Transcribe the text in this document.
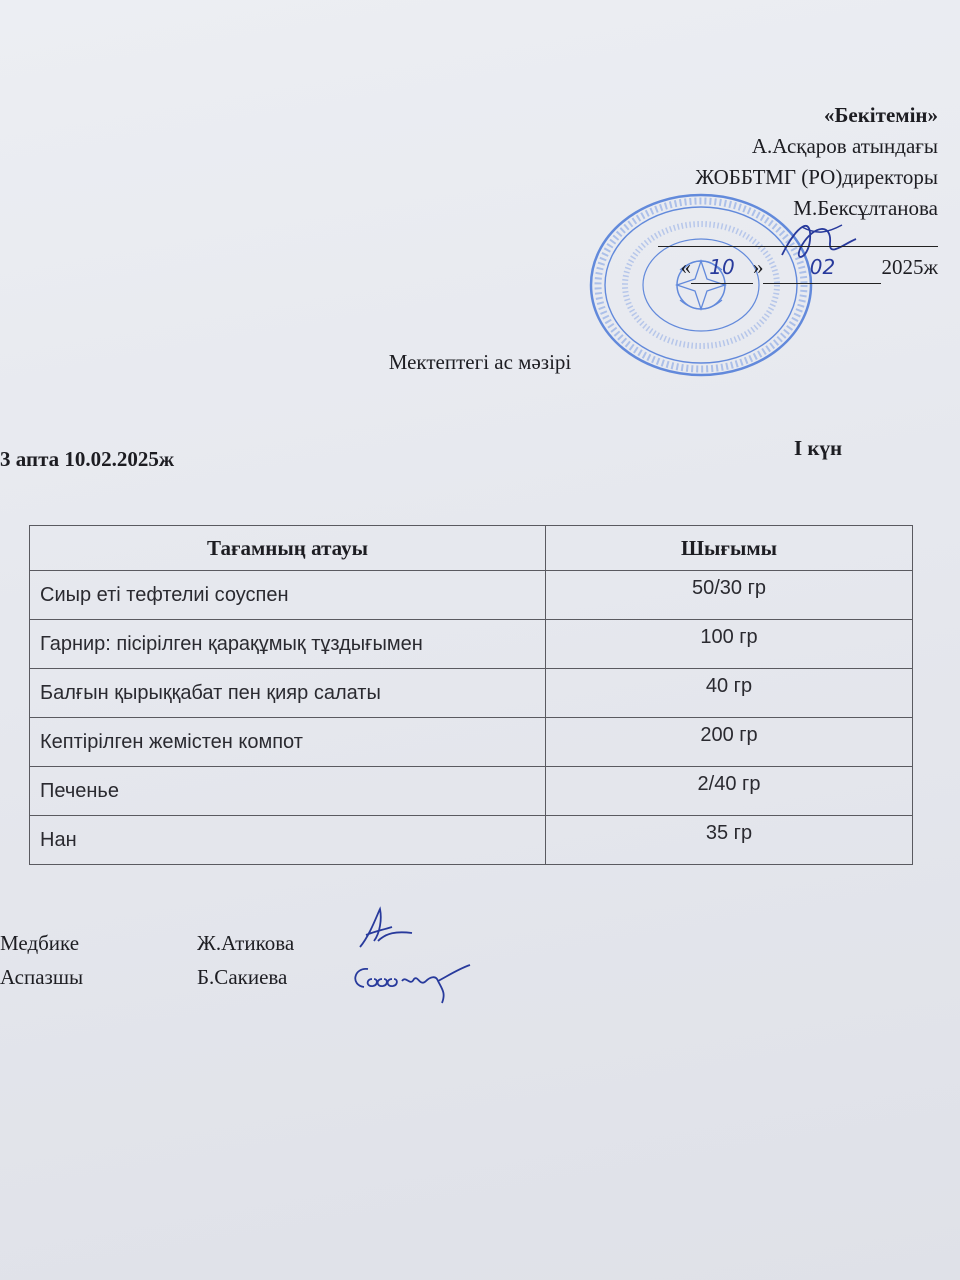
«Бекітемін»
А.Асқаров атындағы
ЖОББТМГ (РО)директоры
М.Бексұлтанова
« 10 » 02 2025ж
Мектептегі ас мәзірі
3 апта 10.02.2025ж	І күн
Тағамның атауы	Шығымы
Сиыр еті тефтелиі соуспен	50/30 гр
Гарнир: пісірілген қарақұмық тұздығымен	100 гр
Балғын қырыққабат пен қияр салаты	40 гр
Кептірілген жемістен компот	200 гр
Печенье	2/40 гр
Нан	35 гр
Медбике	Ж.Атикова
Аспазшы	Б.Сакиева
